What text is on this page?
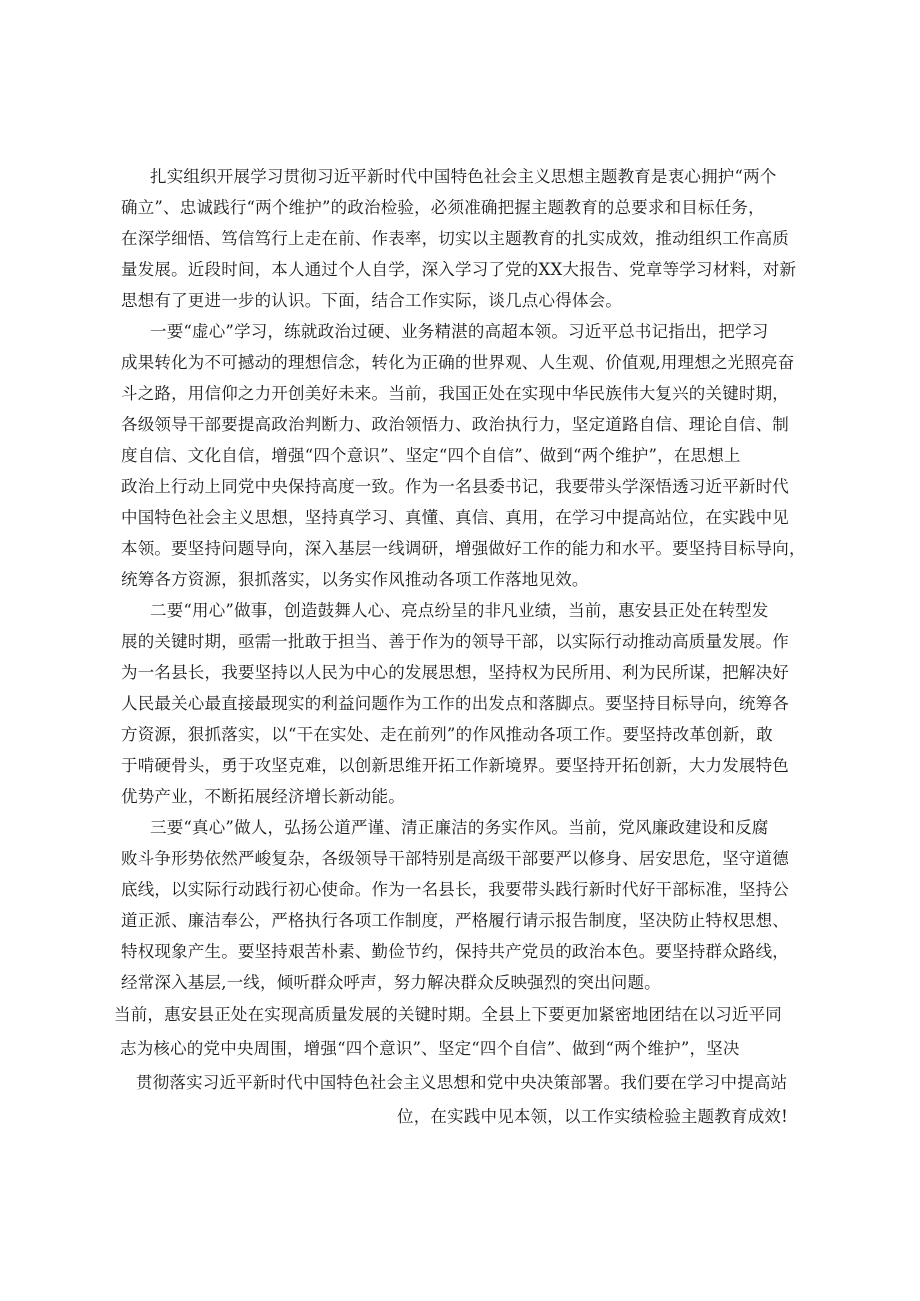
扎实组织开展学习贯彻习近平新时代中国特色社会主义思想主题教育是衷心拥护“两个
确立”、忠诚践行“两个维护”的政治检验，必须准确把握主题教育的总要求和目标任务，
在深学细悟、笃信笃行上走在前、作表率，切实以主题教育的扎实成效，推动组织工作高质
量发展。近段时间，本人通过个人自学，深入学习了党的XX大报告、党章等学习材料，对新
思想有了更进一步的认识。下面，结合工作实际，谈几点心得体会。
一要“虚心”学习，练就政治过硬、业务精湛的高超本领。习近平总书记指出，把学习
成果转化为不可撼动的理想信念，转化为正确的世界观、人生观、价值观,用理想之光照亮奋
斗之路，用信仰之力开创美好未来。当前，我国正处在实现中华民族伟大复兴的关键时期，
各级领导干部要提高政治判断力、政治领悟力、政治执行力，坚定道路自信、理论自信、制
度自信、文化自信，增强“四个意识”、坚定“四个自信”、做到“两个维护”，在思想上
政治上行动上同党中央保持高度一致。作为一名县委书记，我要带头学深悟透习近平新时代
中国特色社会主义思想，坚持真学习、真懂、真信、真用，在学习中提高站位，在实践中见
本领。要坚持问题导向，深入基层一线调研，增强做好工作的能力和水平。要坚持目标导向，
统筹各方资源，狠抓落实，以务实作风推动各项工作落地见效。
二要“用心”做事，创造鼓舞人心、亮点纷呈的非凡业绩，当前，惠安县正处在转型发
展的关键时期，亟需一批敢于担当、善于作为的领导干部，以实际行动推动高质量发展。作
为一名县长，我要坚持以人民为中心的发展思想，坚持权为民所用、利为民所谋，把解决好
人民最关心最直接最现实的利益问题作为工作的出发点和落脚点。要坚持目标导向，统筹各
方资源，狠抓落实，以“干在实处、走在前列”的作风推动各项工作。要坚持改革创新，敢
于啃硬骨头，勇于攻坚克难，以创新思维开拓工作新境界。要坚持开拓创新，大力发展特色
优势产业，不断拓展经济增长新动能。
三要“真心”做人，弘扬公道严谨、清正廉洁的务实作风。当前，党风廉政建设和反腐
败斗争形势依然严峻复杂，各级领导干部特别是高级干部要严以修身、居安思危，坚守道德
底线，以实际行动践行初心使命。作为一名县长，我要带头践行新时代好干部标准，坚持公
道正派、廉洁奉公，严格执行各项工作制度，严格履行请示报告制度，坚决防止特权思想、
特权现象产生。要坚持艰苦朴素、勤俭节约，保持共产党员的政治本色。要坚持群众路线，
经常深入基层,一线，倾听群众呼声，努力解决群众反映强烈的突出问题。
当前，惠安县正处在实现高质量发展的关键时期。全县上下要更加紧密地团结在以习近平同
志为核心的党中央周围，增强“四个意识”、坚定“四个自信”、做到“两个维护”，坚决
贯彻落实习近平新时代中国特色社会主义思想和党中央决策部署。我们要在学习中提高站
位，在实践中见本领，以工作实绩检验主题教育成效!
